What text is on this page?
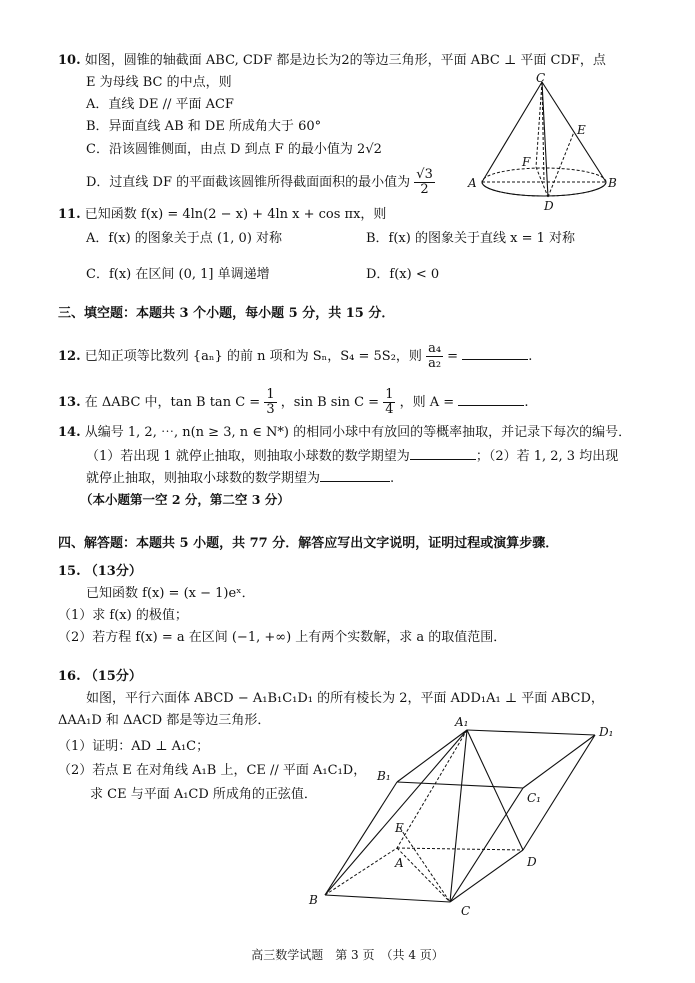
10. 如图，圆锥的轴截面 ABC, CDF 都是边长为2的等边三角形，平面 ABC ⊥ 平面 CDF，点
E 为母线 BC 的中点，则
A．直线 DE // 平面 ACF
B．异面直线 AB 和 DE 所成角大于 60°
C．沿该圆锥侧面，由点 D 到点 F 的最小值为 2√2
D．过直线 DF 的平面截该圆锥所得截面面积的最小值为 $\frac{√3}{2}$
C
E
F
A	B
D
11. 已知函数 f(x) = 4ln(2 − x) + 4ln x + cos πx，则
A．f(x) 的图象关于点 (1, 0) 对称	B．f(x) 的图象关于直线 x = 1 对称
C．f(x) 在区间 (0, 1] 单调递增	D．f(x) < 0
三、填空题：本题共 3 个小题，每小题 5 分，共 15 分．
12. 已知正项等比数列 {aₙ} 的前 n 项和为 Sₙ，S₄ = 5S₂，则 $\frac{\text{a₄}}{\text{a₂}}$ =	.
13. 在 ΔABC 中，tan B $\tan C = \frac{1}{3}$ ，sin B $\sin C = \frac{1}{4}$ ，则 A =	.
14. 从编号 1, 2, ⋯, n(n ≥ 3, n ∈ N*) 的相同小球中有放回的等概率抽取，并记录下每次的编号．
（1）若出现 1 就停止抽取，则抽取小球数的数学期望为	；（2）若 1, 2, 3 均出现
就停止抽取，则抽取小球数的数学期望为	.
（本小题第一空 2 分，第二空 3 分）
四、解答题：本题共 5 小题，共 77 分．解答应写出文字说明，证明过程或演算步骤．
15. （13分）
已知函数 f(x) = (x − 1)eˣ．
（1）求 f(x) 的极值；
（2）若方程 f(x) = a 在区间 (−1, +∞) 上有两个实数解，求 a 的取值范围．
16. （15分）
如图，平行六面体 ABCD − A₁B₁C₁D₁ 的所有棱长为 2，平面 ADD₁A₁ ⊥ 平面 ABCD，
ΔAA₁D 和 ΔACD 都是等边三角形．
（1）证明：AD ⊥ A₁C；
（2）若点 E 在对角线 A₁B 上，CE // 平面 A₁C₁D，
求 CE 与平面 A₁CD 所成角的正弦值．
A₁
D₁
B₁
C₁
E
A	D
B
C
高三数学试题　第 3 页　（共 4 页）
